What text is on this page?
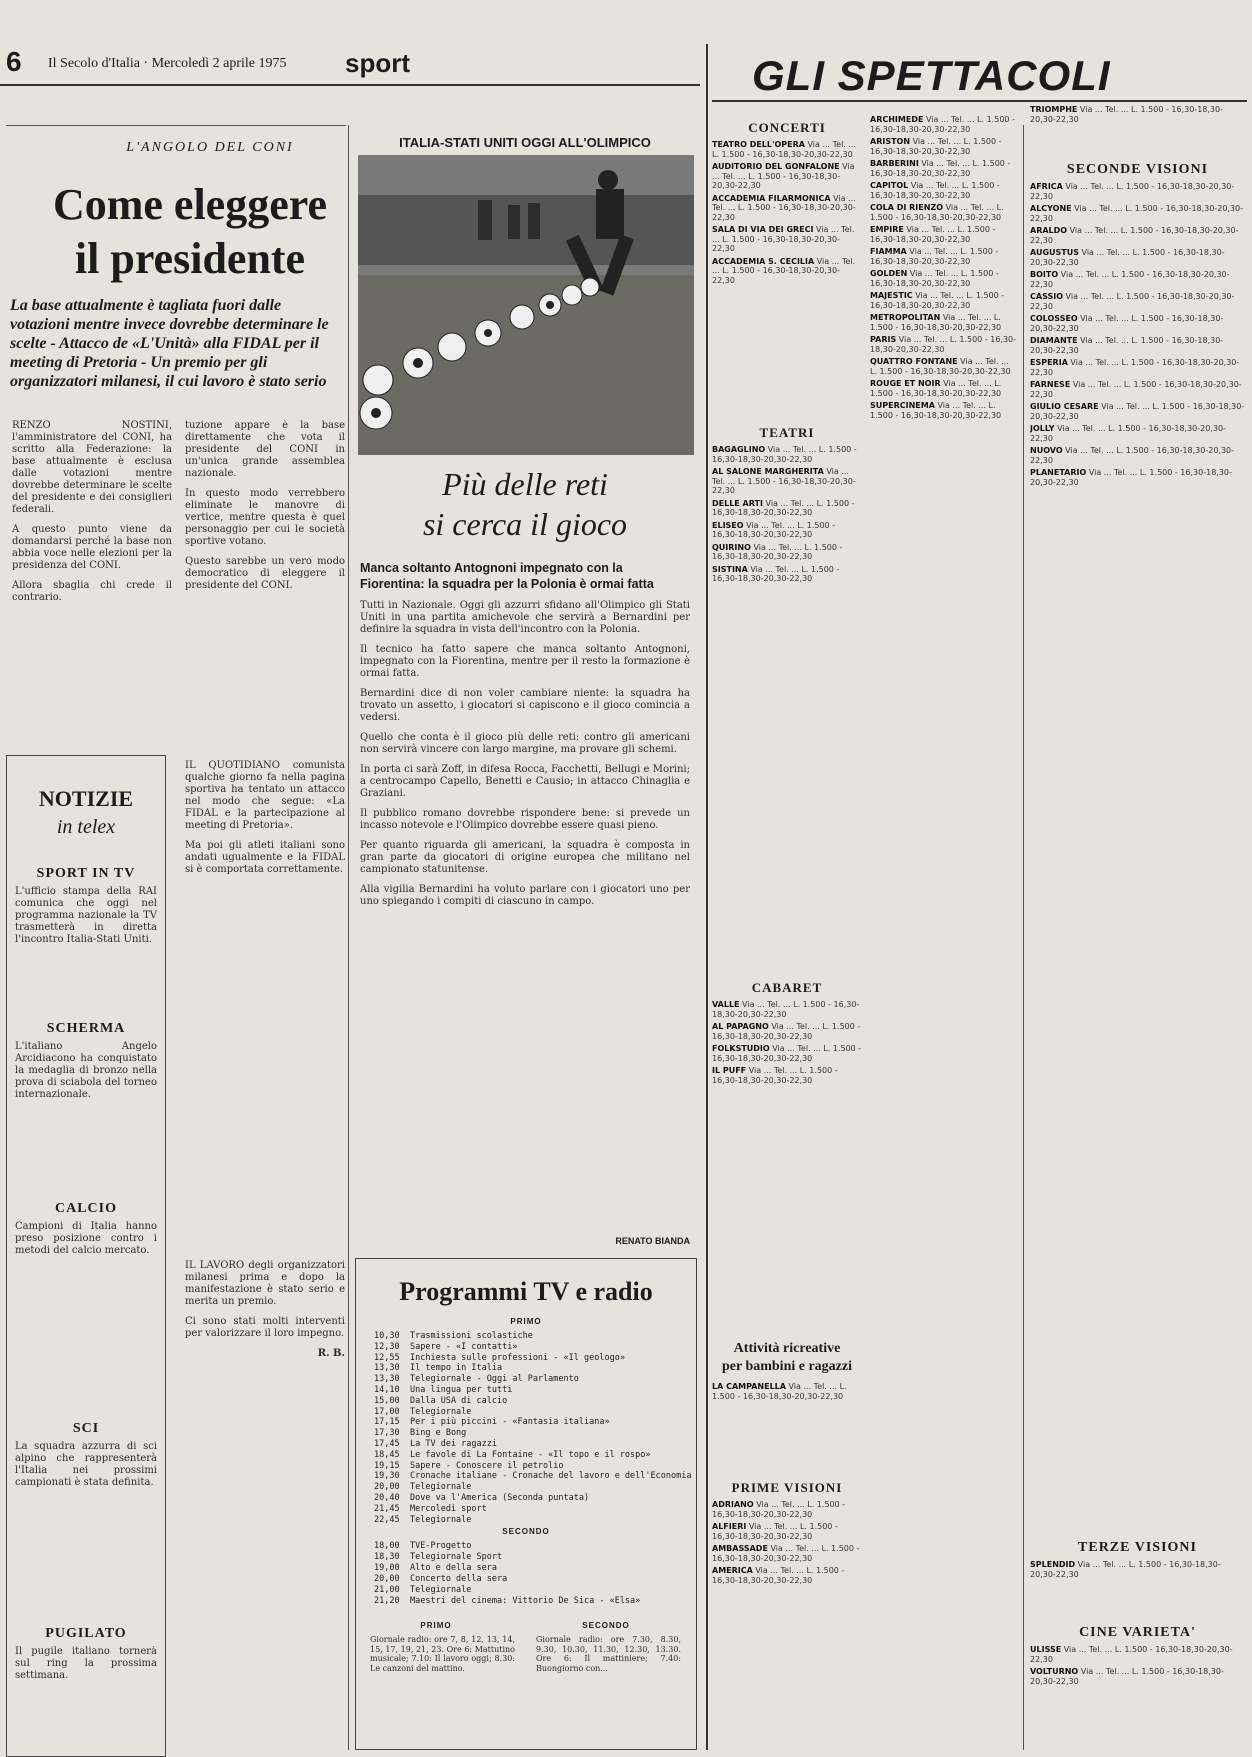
6 Il Secolo d'Italia · Mercoledì 2 aprile 1975 sport
L'ANGOLO DEL CONI
Come eleggere
il presidente
La base attualmente è tagliata fuori dalle votazioni mentre invece dovrebbe determinare le scelte - Attacco de «L'Unità» alla FIDAL per il meeting di Pretoria - Un premio per gli organizzatori milanesi, il cui lavoro è stato serio

RENZO NOSTINI, l'amministratore del CONI, ha scritto alla Federazione: la base attualmente è esclusa dalle votazioni mentre dovrebbe determinare le scelte del presidente e dei consiglieri federali.

A questo punto viene da domandarsi perché la base non abbia voce nelle elezioni per la presidenza del CONI.

Allora sbaglia chi crede il contrario.

tuzione appare è la base direttamente che vota il presidente del CONI in un'unica grande assemblea nazionale.

In questo modo verrebbero eliminate le manovre di vertice, mentre questa è quel personaggio per cui le società sportive votano.

Questo sarebbe un vero modo democratico di eleggere il presidente del CONI.

IL QUOTIDIANO comunista qualche giorno fa nella pagina sportiva ha tentato un attacco nel modo che segue: «La FIDAL e la partecipazione al meeting di Pretoria».

Ma poi gli atleti italiani sono andati ugualmente e la FIDAL si è comportata correttamente.

IL LAVORO degli organizzatori milanesi prima e dopo la manifestazione è stato serio e merita un premio.

Ci sono stati molti interventi per valorizzare il loro impegno.

R. B.

NOTIZIE
in telex
SPORT IN TV

L'ufficio stampa della RAI comunica che oggi nel programma nazionale la TV trasmetterà in diretta l'incontro Italia-Stati Uniti.

SCHERMA

L'italiano Angelo Arcidiacono ha conquistato la medaglia di bronzo nella prova di sciabola del torneo internazionale.

CALCIO

Campioni di Italia hanno preso posizione contro i metodi del calcio mercato.

SCI

La squadra azzurra di sci alpino che rappresenterà l'Italia nei prossimi campionati è stata definita.

PUGILATO

Il pugile italiano tornerà sul ring la prossima settimana.

ITALIA-STATI UNITI OGGI ALL'OLIMPICO
Più delle reti
si cerca il gioco
Manca soltanto Antognoni impegnato con la Fiorentina: la squadra per la Polonia è ormai fatta

Tutti in Nazionale. Oggi gli azzurri sfidano all'Olimpico gli Stati Uniti in una partita amichevole che servirà a Bernardini per definire la squadra in vista dell'incontro con la Polonia.

Il tecnico ha fatto sapere che manca soltanto Antognoni, impegnato con la Fiorentina, mentre per il resto la formazione è ormai fatta.

Bernardini dice di non voler cambiare niente: la squadra ha trovato un assetto, i giocatori si capiscono e il gioco comincia a vedersi.

Quello che conta è il gioco più delle reti: contro gli americani non servirà vincere con largo margine, ma provare gli schemi.

In porta ci sarà Zoff, in difesa Rocca, Facchetti, Bellugi e Morini; a centrocampo Capello, Benetti e Causio; in attacco Chinaglia e Graziani.

Il pubblico romano dovrebbe rispondere bene: si prevede un incasso notevole e l'Olimpico dovrebbe essere quasi pieno.

Per quanto riguarda gli americani, la squadra è composta in gran parte da giocatori di origine europea che militano nel campionato statunitense.

Alla vigilia Bernardini ha voluto parlare con i giocatori uno per uno spiegando i compiti di ciascuno in campo.

RENATO BIANDA
Programmi TV e radio
PRIMO
10,30 Trasmissioni scolastiche
12,30 Sapere - «I contatti»
12,55 Inchiesta sulle professioni - «Il geologo»
13,30 Il tempo in Italia
13,30 Telegiornale - Oggi al Parlamento
14,10 Una lingua per tutti
15,00 Dalla USA di calcio
17,00 Telegiornale
17,15 Per i più piccini - «Fantasia italiana»
17,30 Bing e Bong
17,45 La TV dei ragazzi
18,45 Le favole di La Fontaine - «Il topo e il rospo»
19,15 Sapere - Conoscere il petrolio
19,30 Cronache italiane - Cronache del lavoro e dell'Economia
20,00 Telegiornale
20,40 Dove va l'America (Seconda puntata)
21,45 Mercoledì sport
22,45 Telegiornale
SECONDO
18,00 TVE-Progetto
18,30 Telegiornale Sport
19,00 Alto e della sera
20,00 Concerto della sera
21,00 Telegiornale
21,20 Maestri del cinema: Vittorio De Sica - «Elsa»
PRIMO	SECONDO

Giornale radio: ore 7, 8, 12, 13, 14, 15, 17, 19, 21, 23. Ore 6: Mattutino musicale; 7.10: Il lavoro oggi; 8.30: Le canzoni del mattino.

Giornale radio: ore 7.30, 8.30, 9.30, 10.30, 11.30, 12.30, 13.30. Ore 6: Il mattiniere; 7.40: Buongiorno con...

GLI SPETTACOLI
CONCERTI
TEATRO DELL'OPERA Via ... Tel. ... L. 1.500 - 16,30-18,30-20,30-22,30
AUDITORIO DEL GONFALONE Via ... Tel. ... L. 1.500 - 16,30-18,30-20,30-22,30
ACCADEMIA FILARMONICA Via ... Tel. ... L. 1.500 - 16,30-18,30-20,30-22,30
SALA DI VIA DEI GRECI Via ... Tel. ... L. 1.500 - 16,30-18,30-20,30-22,30
ACCADEMIA S. CECILIA Via ... Tel. ... L. 1.500 - 16,30-18,30-20,30-22,30
TEATRI
BAGAGLINO Via ... Tel. ... L. 1.500 - 16,30-18,30-20,30-22,30
AL SALONE MARGHERITA Via ... Tel. ... L. 1.500 - 16,30-18,30-20,30-22,30
DELLE ARTI Via ... Tel. ... L. 1.500 - 16,30-18,30-20,30-22,30
ELISEO Via ... Tel. ... L. 1.500 - 16,30-18,30-20,30-22,30
QUIRINO Via ... Tel. ... L. 1.500 - 16,30-18,30-20,30-22,30
SISTINA Via ... Tel. ... L. 1.500 - 16,30-18,30-20,30-22,30
CABARET
VALLE Via ... Tel. ... L. 1.500 - 16,30-18,30-20,30-22,30
AL PAPAGNO Via ... Tel. ... L. 1.500 - 16,30-18,30-20,30-22,30
FOLKSTUDIO Via ... Tel. ... L. 1.500 - 16,30-18,30-20,30-22,30
IL PUFF Via ... Tel. ... L. 1.500 - 16,30-18,30-20,30-22,30
Attività ricreative
per bambini e ragazzi
LA CAMPANELLA Via ... Tel. ... L. 1.500 - 16,30-18,30-20,30-22,30
PRIME VISIONI
ADRIANO Via ... Tel. ... L. 1.500 - 16,30-18,30-20,30-22,30
ALFIERI Via ... Tel. ... L. 1.500 - 16,30-18,30-20,30-22,30
AMBASSADE Via ... Tel. ... L. 1.500 - 16,30-18,30-20,30-22,30
AMERICA Via ... Tel. ... L. 1.500 - 16,30-18,30-20,30-22,30
ARCHIMEDE Via ... Tel. ... L. 1.500 - 16,30-18,30-20,30-22,30
ARISTON Via ... Tel. ... L. 1.500 - 16,30-18,30-20,30-22,30
BARBERINI Via ... Tel. ... L. 1.500 - 16,30-18,30-20,30-22,30
CAPITOL Via ... Tel. ... L. 1.500 - 16,30-18,30-20,30-22,30
COLA DI RIENZO Via ... Tel. ... L. 1.500 - 16,30-18,30-20,30-22,30
EMPIRE Via ... Tel. ... L. 1.500 - 16,30-18,30-20,30-22,30
FIAMMA Via ... Tel. ... L. 1.500 - 16,30-18,30-20,30-22,30
GOLDEN Via ... Tel. ... L. 1.500 - 16,30-18,30-20,30-22,30
MAJESTIC Via ... Tel. ... L. 1.500 - 16,30-18,30-20,30-22,30
METROPOLITAN Via ... Tel. ... L. 1.500 - 16,30-18,30-20,30-22,30
PARIS Via ... Tel. ... L. 1.500 - 16,30-18,30-20,30-22,30
QUATTRO FONTANE Via ... Tel. ... L. 1.500 - 16,30-18,30-20,30-22,30
ROUGE ET NOIR Via ... Tel. ... L. 1.500 - 16,30-18,30-20,30-22,30
SUPERCINEMA Via ... Tel. ... L. 1.500 - 16,30-18,30-20,30-22,30
TRIOMPHE Via ... Tel. ... L. 1.500 - 16,30-18,30-20,30-22,30
SECONDE VISIONI
AFRICA Via ... Tel. ... L. 1.500 - 16,30-18,30-20,30-22,30
ALCYONE Via ... Tel. ... L. 1.500 - 16,30-18,30-20,30-22,30
ARALDO Via ... Tel. ... L. 1.500 - 16,30-18,30-20,30-22,30
AUGUSTUS Via ... Tel. ... L. 1.500 - 16,30-18,30-20,30-22,30
BOITO Via ... Tel. ... L. 1.500 - 16,30-18,30-20,30-22,30
CASSIO Via ... Tel. ... L. 1.500 - 16,30-18,30-20,30-22,30
COLOSSEO Via ... Tel. ... L. 1.500 - 16,30-18,30-20,30-22,30
DIAMANTE Via ... Tel. ... L. 1.500 - 16,30-18,30-20,30-22,30
ESPERIA Via ... Tel. ... L. 1.500 - 16,30-18,30-20,30-22,30
FARNESE Via ... Tel. ... L. 1.500 - 16,30-18,30-20,30-22,30
GIULIO CESARE Via ... Tel. ... L. 1.500 - 16,30-18,30-20,30-22,30
JOLLY Via ... Tel. ... L. 1.500 - 16,30-18,30-20,30-22,30
NUOVO Via ... Tel. ... L. 1.500 - 16,30-18,30-20,30-22,30
PLANETARIO Via ... Tel. ... L. 1.500 - 16,30-18,30-20,30-22,30
TERZE VISIONI
SPLENDID Via ... Tel. ... L. 1.500 - 16,30-18,30-20,30-22,30
CINE VARIETA'
ULISSE Via ... Tel. ... L. 1.500 - 16,30-18,30-20,30-22,30
VOLTURNO Via ... Tel. ... L. 1.500 - 16,30-18,30-20,30-22,30
